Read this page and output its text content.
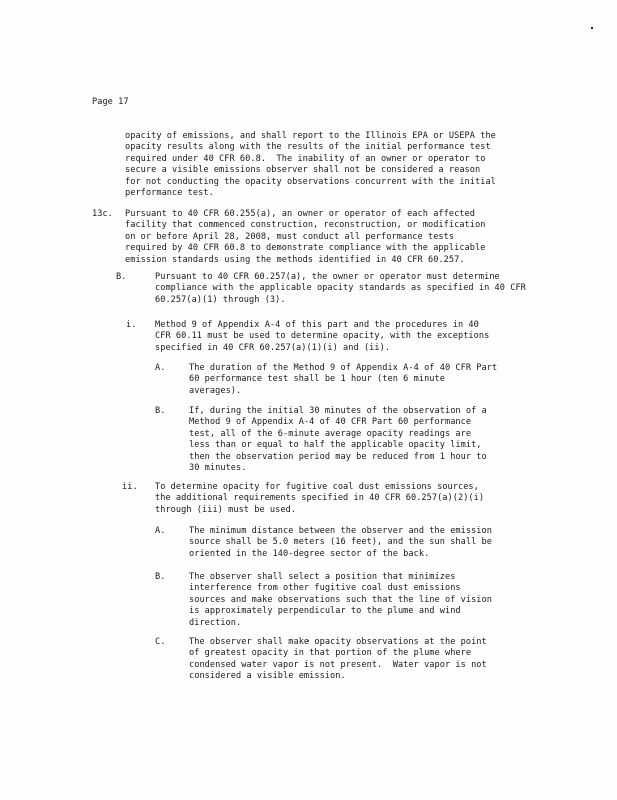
Page 17
opacity of emissions, and shall report to the Illinois EPA or USEPA the
opacity results along with the results of the initial performance test
required under 40 CFR 60.8.  The inability of an owner or operator to
secure a visible emissions observer shall not be considered a reason
for not conducting the opacity observations concurrent with the initial
performance test.
13c. Pursuant to 40 CFR 60.255(a), an owner or operator of each affected
facility that commenced construction, reconstruction, or modification
on or before April 28, 2008, must conduct all performance tests
required by 40 CFR 60.8 to demonstrate compliance with the applicable
emission standards using the methods identified in 40 CFR 60.257.
B.	Pursuant to 40 CFR 60.257(a), the owner or operator must determine
compliance with the applicable opacity standards as specified in 40 CFR
60.257(a)(1) through (3).
i. Method 9 of Appendix A-4 of this part and the procedures in 40
CFR 60.11 must be used to determine opacity, with the exceptions
specified in 40 CFR 60.257(a)(1)(i) and (ii).
A.	The duration of the Method 9 of Appendix A-4 of 40 CFR Part
60 performance test shall be 1 hour (ten 6 minute
averages).
B.	If, during the initial 30 minutes of the observation of a
Method 9 of Appendix A-4 of 40 CFR Part 60 performance
test, all of the 6-minute average opacity readings are
less than or equal to half the applicable opacity limit,
then the observation period may be reduced from 1 hour to
30 minutes.
ii. To determine opacity for fugitive coal dust emissions sources,
the additional requirements specified in 40 CFR 60.257(a)(2)(i)
through (iii) must be used.
A.	The minimum distance between the observer and the emission
source shall be 5.0 meters (16 feet), and the sun shall be
oriented in the 140-degree sector of the back.
B.	The observer shall select a position that minimizes
interference from other fugitive coal dust emissions
sources and make observations such that the line of vision
is approximately perpendicular to the plume and wind
direction.
C.	The observer shall make opacity observations at the point
of greatest opacity in that portion of the plume where
condensed water vapor is not present.  Water vapor is not
considered a visible emission.
